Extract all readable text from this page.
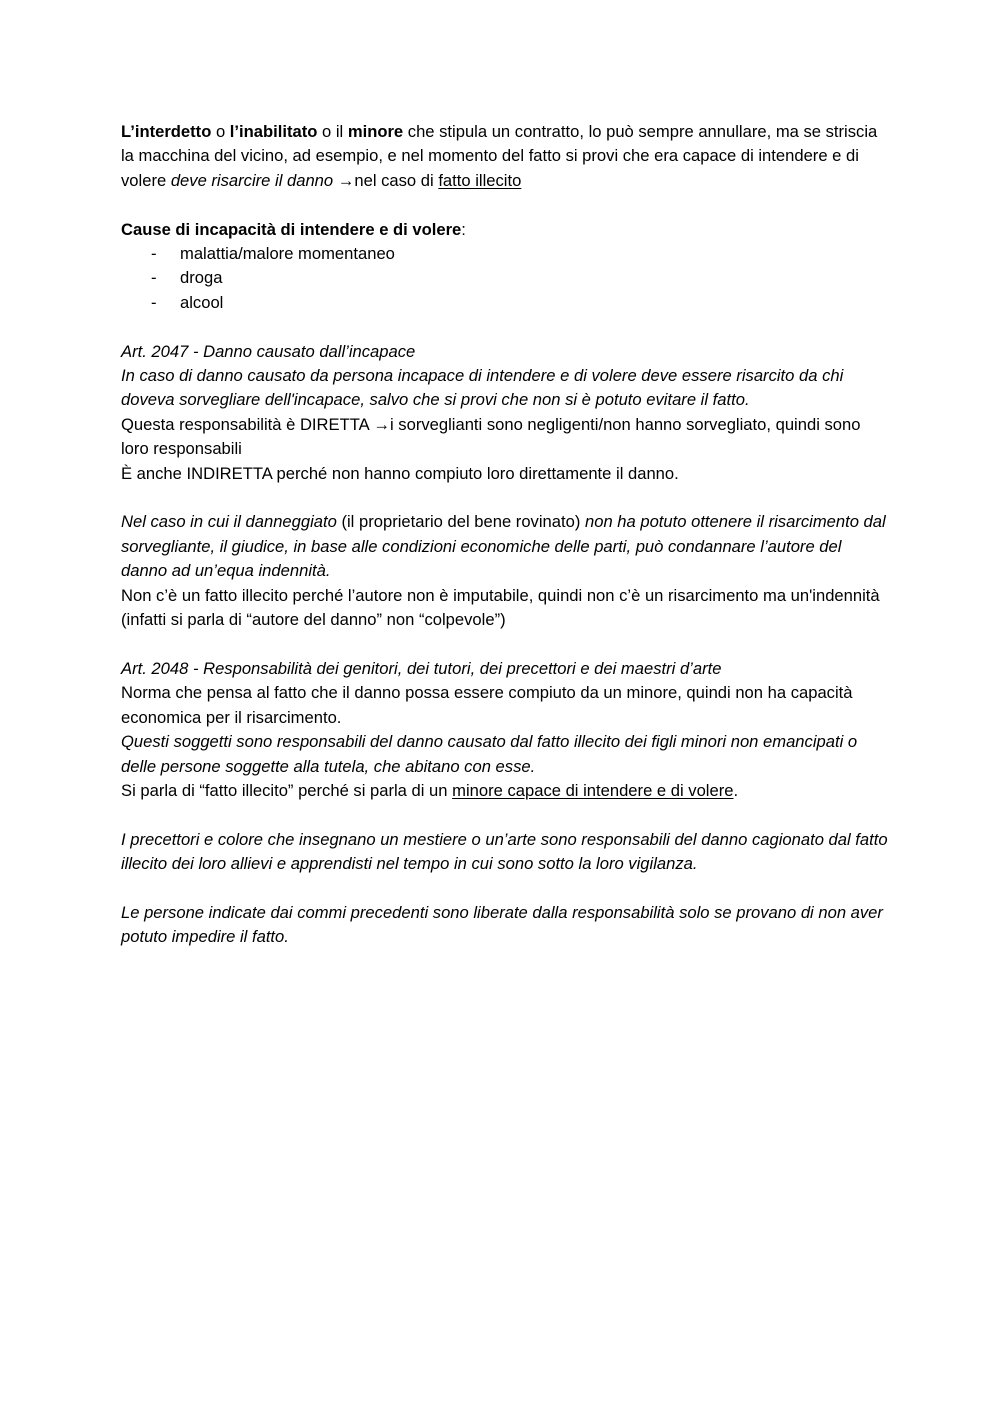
L’interdetto o l’inabilitato o il minore che stipula un contratto, lo può sempre annullare, ma se striscia la macchina del vicino, ad esempio, e nel momento del fatto si provi che era capace di intendere e di volere deve risarcire il danno →nel caso di fatto illecito

Cause di incapacità di intendere e di volere:

- malattia/malore momentaneo
- droga
- alcool

Art. 2047 - Danno causato dall’incapace

In caso di danno causato da persona incapace di intendere e di volere deve essere risarcito da chi doveva sorvegliare dell'incapace, salvo che si provi che non si è potuto evitare il fatto.

Questa responsabilità è DIRETTA →i sorveglianti sono negligenti/non hanno sorvegliato, quindi sono loro responsabili

È anche INDIRETTA perché non hanno compiuto loro direttamente il danno.

Nel caso in cui il danneggiato (il proprietario del bene rovinato) non ha potuto ottenere il risarcimento dal sorvegliante, il giudice, in base alle condizioni economiche delle parti, può condannare l’autore del danno ad un’equa indennità.

Non c’è un fatto illecito perché l’autore non è imputabile, quindi non c’è un risarcimento ma un'indennità (infatti si parla di “autore del danno” non “colpevole”)

Art. 2048 - Responsabilità dei genitori, dei tutori, dei precettori e dei maestri d’arte

Norma che pensa al fatto che il danno possa essere compiuto da un minore, quindi non ha capacità economica per il risarcimento.

Questi soggetti sono responsabili del danno causato dal fatto illecito dei figli minori non emancipati o delle persone soggette alla tutela, che abitano con esse.

Si parla di “fatto illecito” perché si parla di un minore capace di intendere e di volere.

I precettori e colore che insegnano un mestiere o un’arte sono responsabili del danno cagionato dal fatto illecito dei loro allievi e apprendisti nel tempo in cui sono sotto la loro vigilanza.

Le persone indicate dai commi precedenti sono liberate dalla responsabilità solo se provano di non aver potuto impedire il fatto.
